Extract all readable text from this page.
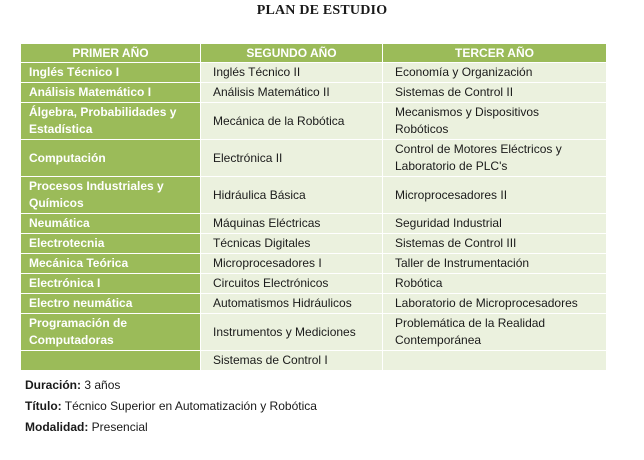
PLAN DE ESTUDIO
PRIMER AÑO	SEGUNDO AÑO	TERCER AÑO

Inglés Técnico I	Inglés Técnico II	Economía y Organización

Análisis Matemático I	Análisis Matemático II	Sistemas de Control II

Álgebra, Probabilidades y
Estadística	Mecánica de la Robótica	Mecanismos y Dispositivos
Robóticos

Computación	Electrónica II	Control de Motores Eléctricos y
Laboratorio de PLC's

Procesos Industriales y
Químicos	Hidráulica Básica	Microprocesadores II

Neumática	Máquinas Eléctricas	Seguridad Industrial

Electrotecnia	Técnicas Digitales	Sistemas de Control III

Mecánica Teórica	Microprocesadores I	Taller de Instrumentación

Electrónica I	Circuitos Electrónicos	Robótica

Electro neumática	Automatismos Hidráulicos	Laboratorio de Microprocesadores

Programación de
Computadoras	Instrumentos y Mediciones	Problemática de la Realidad
Contemporánea

	Sistemas de Control I	

Duración: 3 años
Título: Técnico Superior en Automatización y Robótica
Modalidad: Presencial
